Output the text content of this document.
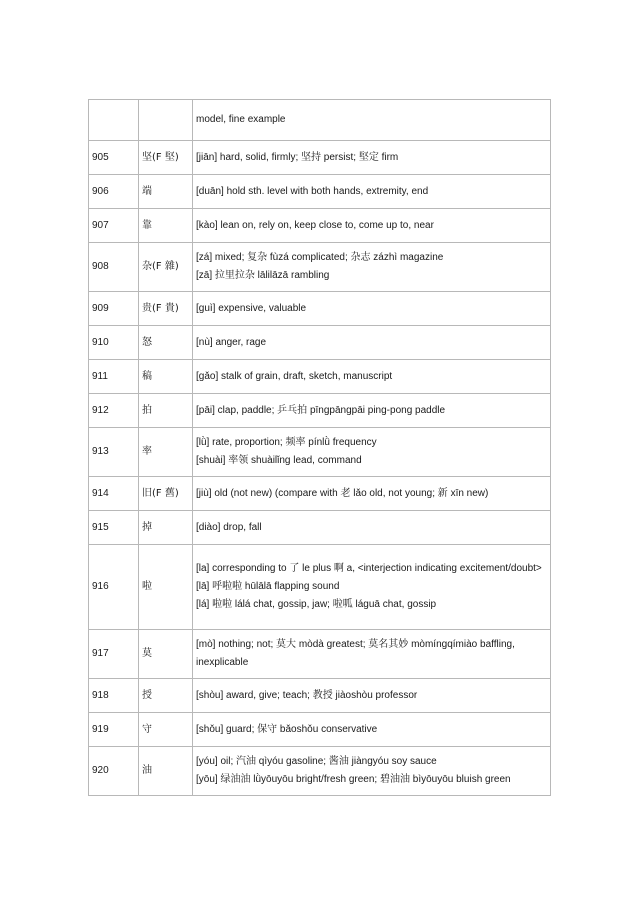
		model, fine example

905	坚(F 堅)	[jiān] hard, solid, firmly; 坚持 persist; 堅定 firm

906	端	[duān] hold sth. level with both hands, extremity, end

907	靠	[kào] lean on, rely on, keep close to, come up to, near

908	杂(F 雜)	[zá] mixed; 复杂 fùzá complicated; 杂志 zázhì magazine
[zā] 拉里拉杂 lālilāzā rambling

909	贵(F 貴)	[guì] expensive, valuable

910	怒	[nù] anger, rage

911	稿	[gǎo] stalk of grain, draft, sketch, manuscript

912	拍	[pāi] clap, paddle; 乒乓拍 pīngpāngpāi ping-pong paddle

913	率	[lǜ] rate, proportion; 频率 pínlǜ frequency
[shuài] 率领 shuàilǐng lead, command

914	旧(F 舊)	[jiù] old (not new) (compare with 老 lǎo old, not young; 新 xīn new)

915	掉	[diào] drop, fall

916	啦	[la] corresponding to 了 le plus 啊 a, <interjection indicating excitement/doubt>
[lā] 呼啦啦 hūlālā flapping sound
[lá] 啦啦 lálá chat, gossip, jaw; 啦呱 láguā chat, gossip

917	莫	[mò] nothing; not; 莫大 mòdà greatest; 莫名其妙 mòmíngqímiào baffling, inexplicable

918	授	[shòu] award, give; teach; 教授 jiàoshòu professor

919	守	[shǒu] guard; 保守 bǎoshǒu conservative

920	油	[yóu] oil; 汽油 qìyóu gasoline; 酱油 jiàngyóu soy sauce
[yōu] 绿油油 lǜyōuyōu bright/fresh green; 碧油油 bìyōuyōu bluish green
